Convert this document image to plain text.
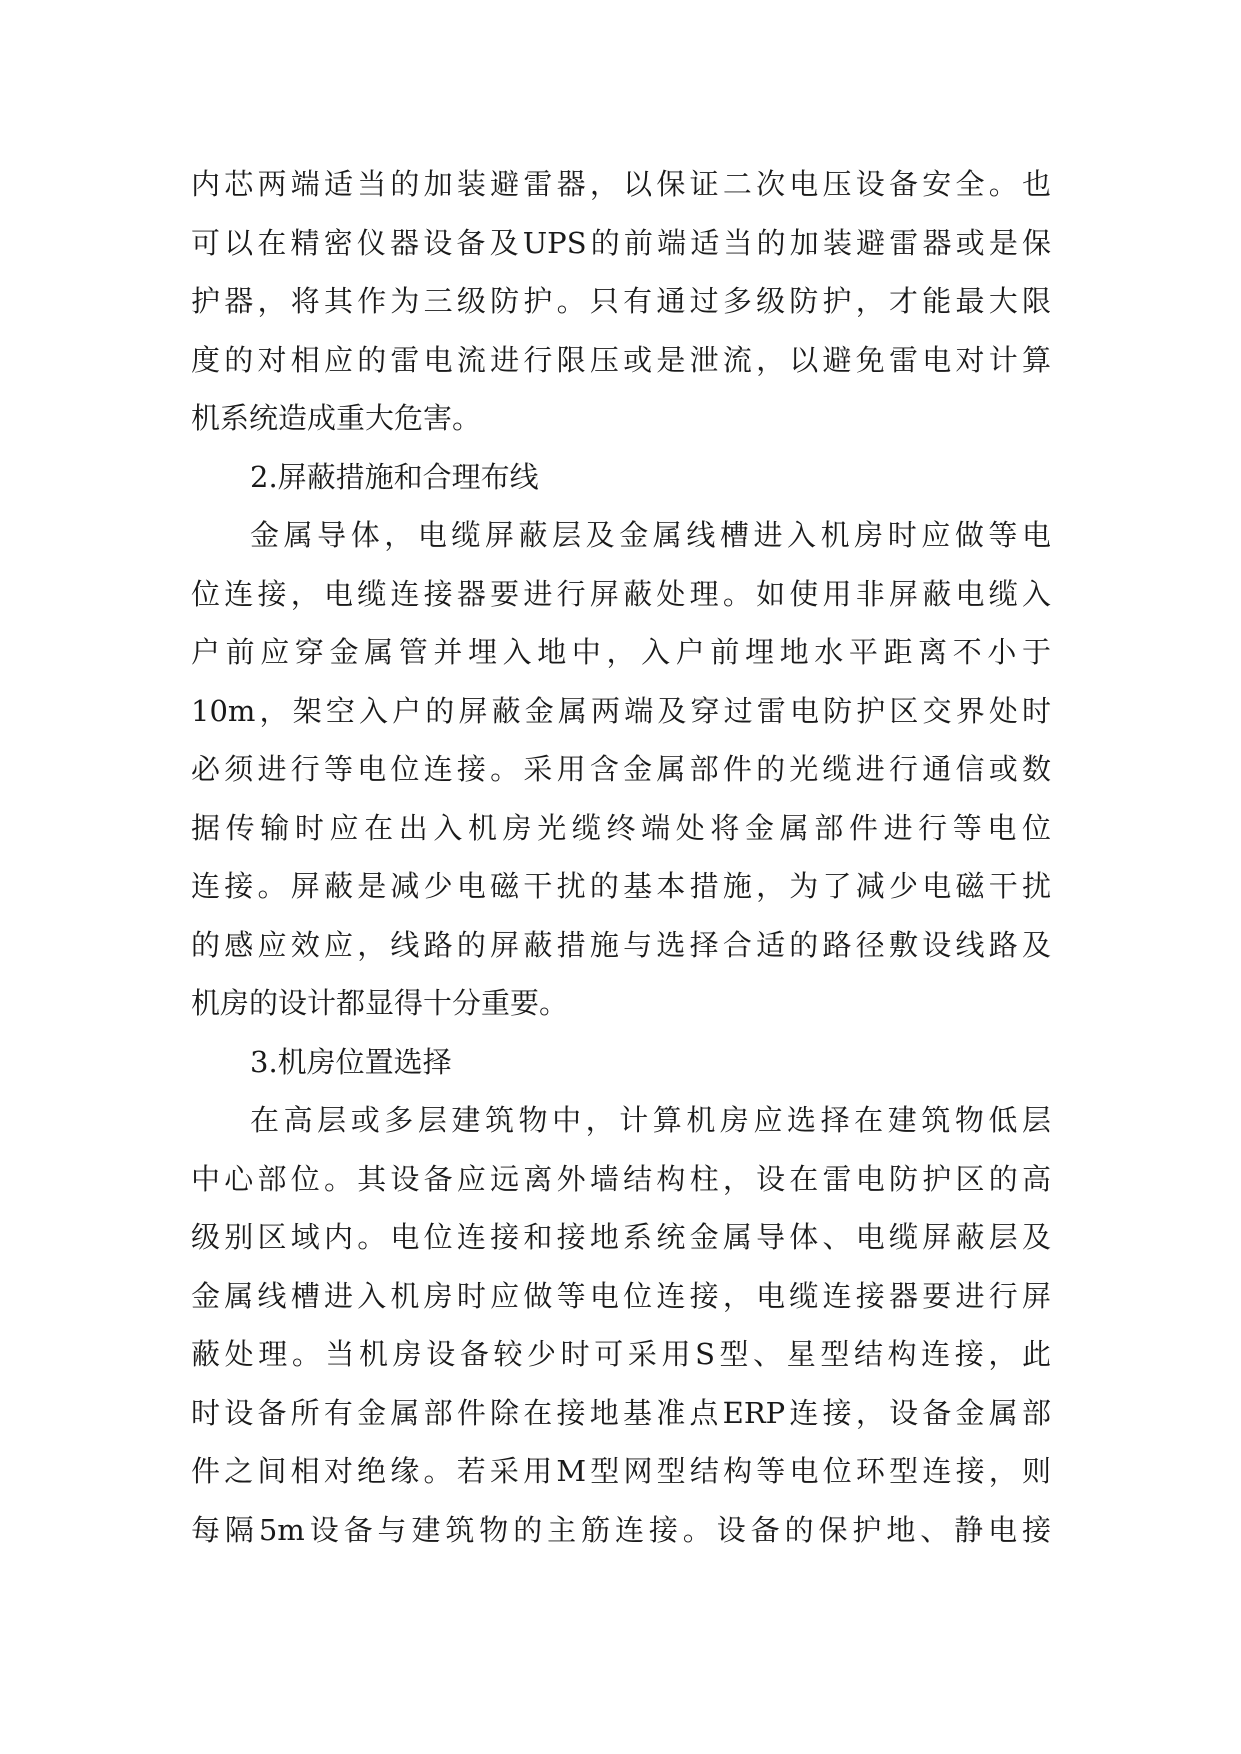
内芯两端适当的加装避雷器，以保证二次电压设备安全。也
可以在精密仪器设备及UPS的前端适当的加装避雷器或是保
护器，将其作为三级防护。只有通过多级防护，才能最大限
度的对相应的雷电流进行限压或是泄流，以避免雷电对计算
机系统造成重大危害。
2.屏蔽措施和合理布线
金属导体，电缆屏蔽层及金属线槽进入机房时应做等电
位连接，电缆连接器要进行屏蔽处理。如使用非屏蔽电缆入
户前应穿金属管并埋入地中，入户前埋地水平距离不小于
10m，架空入户的屏蔽金属两端及穿过雷电防护区交界处时
必须进行等电位连接。采用含金属部件的光缆进行通信或数
据传输时应在出入机房光缆终端处将金属部件进行等电位
连接。屏蔽是减少电磁干扰的基本措施，为了减少电磁干扰
的感应效应，线路的屏蔽措施与选择合适的路径敷设线路及
机房的设计都显得十分重要。
3.机房位置选择
在高层或多层建筑物中，计算机房应选择在建筑物低层
中心部位。其设备应远离外墙结构柱，设在雷电防护区的高
级别区域内。电位连接和接地系统金属导体、电缆屏蔽层及
金属线槽进入机房时应做等电位连接，电缆连接器要进行屏
蔽处理。当机房设备较少时可采用S型、星型结构连接，此
时设备所有金属部件除在接地基准点ERP连接，设备金属部
件之间相对绝缘。若采用M型网型结构等电位环型连接，则
每隔5m设备与建筑物的主筋连接。设备的保护地、静电接
